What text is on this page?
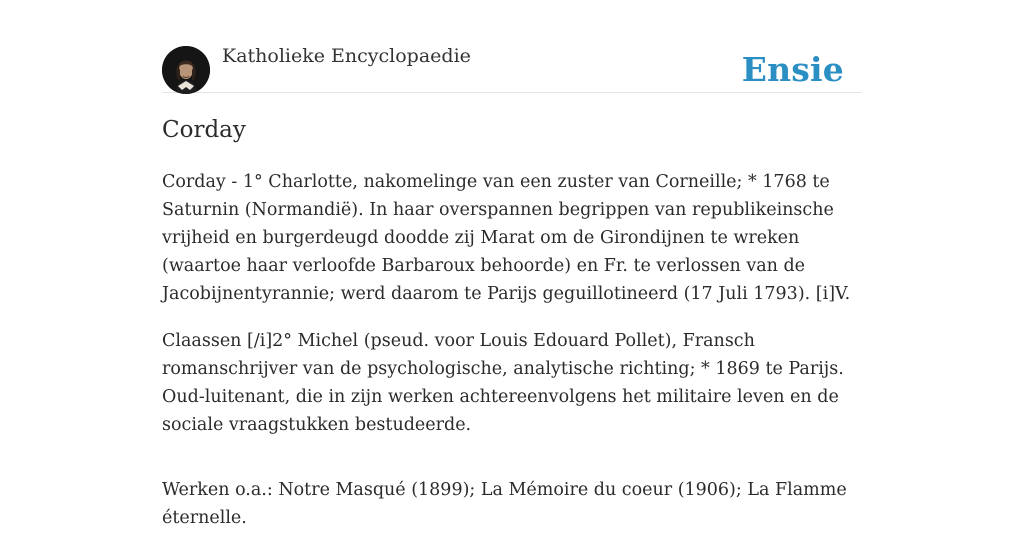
Katholieke Encyclopaedie	Ensie
Corday

Corday - 1° Charlotte, nakomelinge van een zuster van Corneille; * 1768 te Saturnin (Normandië). In haar overspannen begrippen van republikeinsche vrijheid en burgerdeugd doodde zij Marat om de Girondijnen te wreken (waartoe haar verloofde Barbaroux behoorde) en Fr. te verlossen van de Jacobijnentyrannie; werd daarom te Parijs geguillotineerd (17 Juli 1793). [i]V.

Claassen [/i]2° Michel (pseud. voor Louis Edouard Pollet), Fransch romanschrijver van de psychologische, analytische richting; * 1869 te Parijs. Oud-luitenant, die in zijn werken achtereenvolgens het militaire leven en de sociale vraagstukken bestudeerde.

Werken o.a.: Notre Masqué (1899); La Mémoire du coeur (1906); La Flamme éternelle.
